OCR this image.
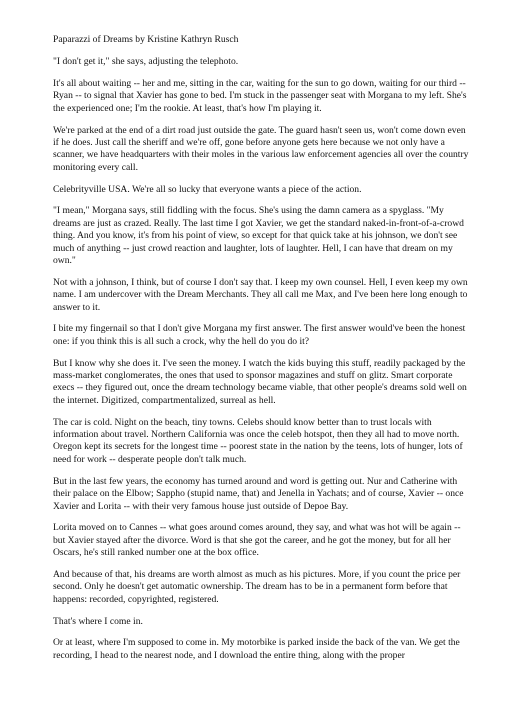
Paparazzi of Dreams by Kristine Kathryn Rusch

"I don't get it," she says, adjusting the telephoto.

It's all about waiting -- her and me, sitting in the car, waiting for the sun to go down, waiting for our third -- Ryan -- to signal that Xavier has gone to bed. I'm stuck in the passenger seat with Morgana to my left. She's the experienced one; I'm the rookie. At least, that's how I'm playing it.

We're parked at the end of a dirt road just outside the gate. The guard hasn't seen us, won't come down even if he does. Just call the sheriff and we're off, gone before anyone gets here because we not only have a scanner, we have headquarters with their moles in the various law enforcement agencies all over the country monitoring every call.

Celebrityville USA. We're all so lucky that everyone wants a piece of the action.

"I mean," Morgana says, still fiddling with the focus. She's using the damn camera as a spyglass. "My dreams are just as crazed. Really. The last time I got Xavier, we get the standard naked-in-front-of-a-crowd thing. And you know, it's from his point of view, so except for that quick take at his johnson, we don't see much of anything -- just crowd reaction and laughter, lots of laughter. Hell, I can have that dream on my own."

Not with a johnson, I think, but of course I don't say that. I keep my own counsel. Hell, I even keep my own name. I am undercover with the Dream Merchants. They all call me Max, and I've been here long enough to answer to it.

I bite my fingernail so that I don't give Morgana my first answer. The first answer would've been the honest one: if you think this is all such a crock, why the hell do you do it?

But I know why she does it. I've seen the money. I watch the kids buying this stuff, readily packaged by the mass-market conglomerates, the ones that used to sponsor magazines and stuff on glitz. Smart corporate execs -- they figured out, once the dream technology became viable, that other people's dreams sold well on the internet. Digitized, compartmentalized, surreal as hell.

The car is cold. Night on the beach, tiny towns. Celebs should know better than to trust locals with information about travel. Northern California was once the celeb hotspot, then they all had to move north. Oregon kept its secrets for the longest time -- poorest state in the nation by the teens, lots of hunger, lots of need for work -- desperate people don't talk much.

But in the last few years, the economy has turned around and word is getting out. Nur and Catherine with their palace on the Elbow; Sappho (stupid name, that) and Jenella in Yachats; and of course, Xavier -- once Xavier and Lorita -- with their very famous house just outside of Depoe Bay.

Lorita moved on to Cannes -- what goes around comes around, they say, and what was hot will be again -- but Xavier stayed after the divorce. Word is that she got the career, and he got the money, but for all her Oscars, he's still ranked number one at the box office.

And because of that, his dreams are worth almost as much as his pictures. More, if you count the price per second. Only he doesn't get automatic ownership. The dream has to be in a permanent form before that happens: recorded, copyrighted, registered.

That's where I come in.

Or at least, where I'm supposed to come in. My motorbike is parked inside the back of the van. We get the recording, I head to the nearest node, and I download the entire thing, along with the proper
